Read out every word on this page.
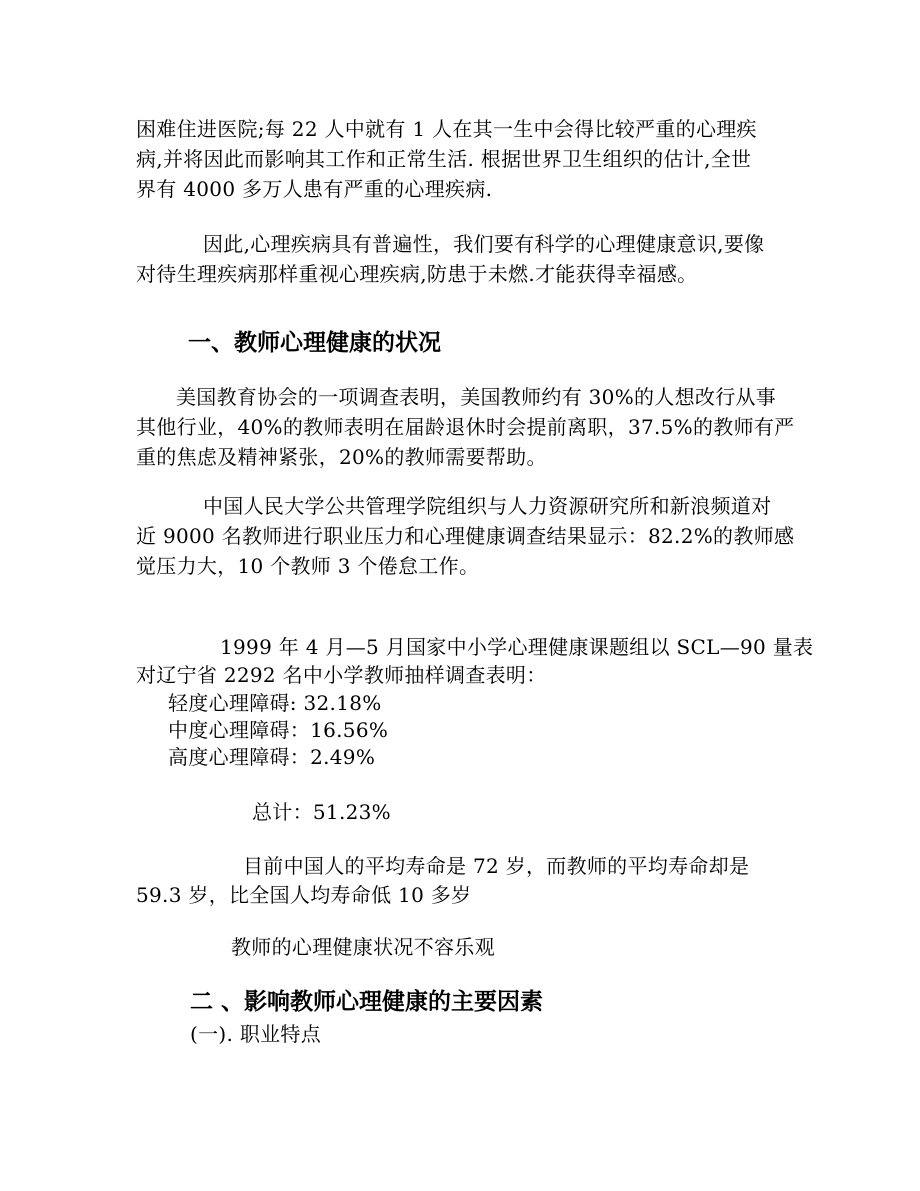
困难住进医院;每 22 人中就有 1 人在其一生中会得比较严重的心理疾
病,并将因此而影响其工作和正常生活. 根据世界卫生组织的估计,全世
界有 4000 多万人患有严重的心理疾病.
因此,心理疾病具有普遍性，我们要有科学的心理健康意识,要像
对待生理疾病那样重视心理疾病,防患于未燃.才能获得幸福感。
一、教师心理健康的状况
美国教育协会的一项调查表明，美国教师约有 30%的人想改行从事
其他行业，40%的教师表明在届龄退休时会提前离职，37.5%的教师有严
重的焦虑及精神紧张，20%的教师需要帮助。
中国人民大学公共管理学院组织与人力资源研究所和新浪频道对
近 9000 名教师进行职业压力和心理健康调查结果显示：82.2%的教师感
觉压力大，10 个教师 3 个倦怠工作。
1999 年 4 月—5 月国家中小学心理健康课题组以 SCL—90 量表
对辽宁省 2292 名中小学教师抽样调查表明：
轻度心理障碍: 32.18%
中度心理障碍：16.56%
高度心理障碍：2.49%
总计：51.23%
目前中国人的平均寿命是 72 岁，而教师的平均寿命却是
59.3 岁，比全国人均寿命低 10 多岁
教师的心理健康状况不容乐观
二 、影响教师心理健康的主要因素
(一). 职业特点
